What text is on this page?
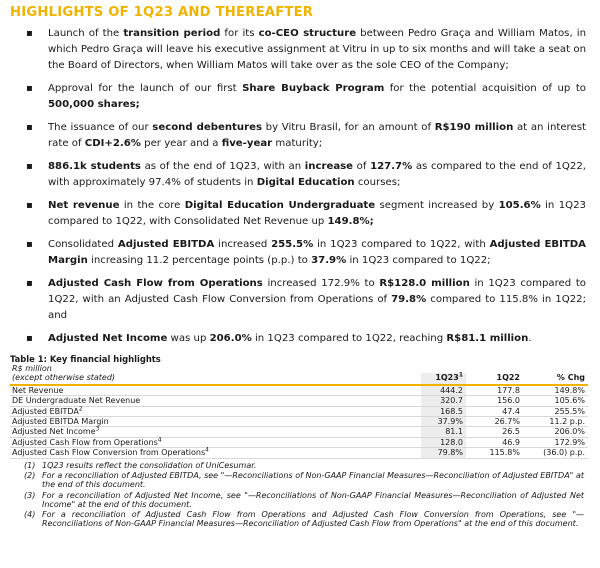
HIGHLIGHTS OF 1Q23 AND THEREAFTER
▪ Launch of the transition period for its co-CEO structure between Pedro Graça and William Matos, in which Pedro Graça will leave his executive assignment at Vitru in up to six months and will take a seat on the Board of Directors, when William Matos will take over as the sole CEO of the Company;
▪ Approval for the launch of our first Share Buyback Program for the potential acquisition of up to 500,000 shares;
▪ The issuance of our second debentures by Vitru Brasil, for an amount of R$190 million at an interest rate of CDI+2.6% per year and a five-year maturity;
▪ 886.1k students as of the end of 1Q23, with an increase of 127.7% as compared to the end of 1Q22, with approximately 97.4% of students in Digital Education courses;
▪ Net revenue in the core Digital Education Undergraduate segment increased by 105.6% in 1Q23 compared to 1Q22, with Consolidated Net Revenue up 149.8%;
▪ Consolidated Adjusted EBITDA increased 255.5% in 1Q23 compared to 1Q22, with Adjusted EBITDA Margin increasing 11.2 percentage points (p.p.) to 37.9% in 1Q23 compared to 1Q22;
▪ Adjusted Cash Flow from Operations increased 172.9% to R$128.0 million in 1Q23 compared to 1Q22, with an Adjusted Cash Flow Conversion from Operations of 79.8% compared to 115.8% in 1Q22; and
▪ Adjusted Net Income was up 206.0% in 1Q23 compared to 1Q22, reaching R$81.1 million.
Table 1: Key financial highlights
R$ million			
(except otherwise stated)	$1Q23^1$	1Q22	% Chg
Net Revenue	444.2	177.8	149.8%
DE Undergraduate Net Revenue	320.7	156.0	105.6%
Adjusted EBITDA$^2$	168.5	47.4	255.5%
Adjusted EBITDA Margin	37.9%	26.7%	11.2 p.p.
Adjusted Net Income$^3$	81.1	26.5	206.0%
Adjusted Cash Flow from Operations$^4$	128.0	46.9	172.9%
Adjusted Cash Flow Conversion from Operations$^4$	79.8%	115.8%	(36.0) p.p.
(1) 1Q23 results reflect the consolidation of UniCesumar.
(2) For a reconciliation of Adjusted EBITDA, see "—Reconciliations of Non-GAAP Financial Measures—Reconciliation of Adjusted EBITDA" at the end of this document.
(3) For a reconciliation of Adjusted Net Income, see "—Reconciliations of Non-GAAP Financial Measures—Reconciliation of Adjusted Net Income" at the end of this document.
(4) For a reconciliation of Adjusted Cash Flow from Operations and Adjusted Cash Flow Conversion from Operations, see "—Reconciliations of Non-GAAP Financial Measures—Reconciliation of Adjusted Cash Flow from Operations" at the end of this document.
